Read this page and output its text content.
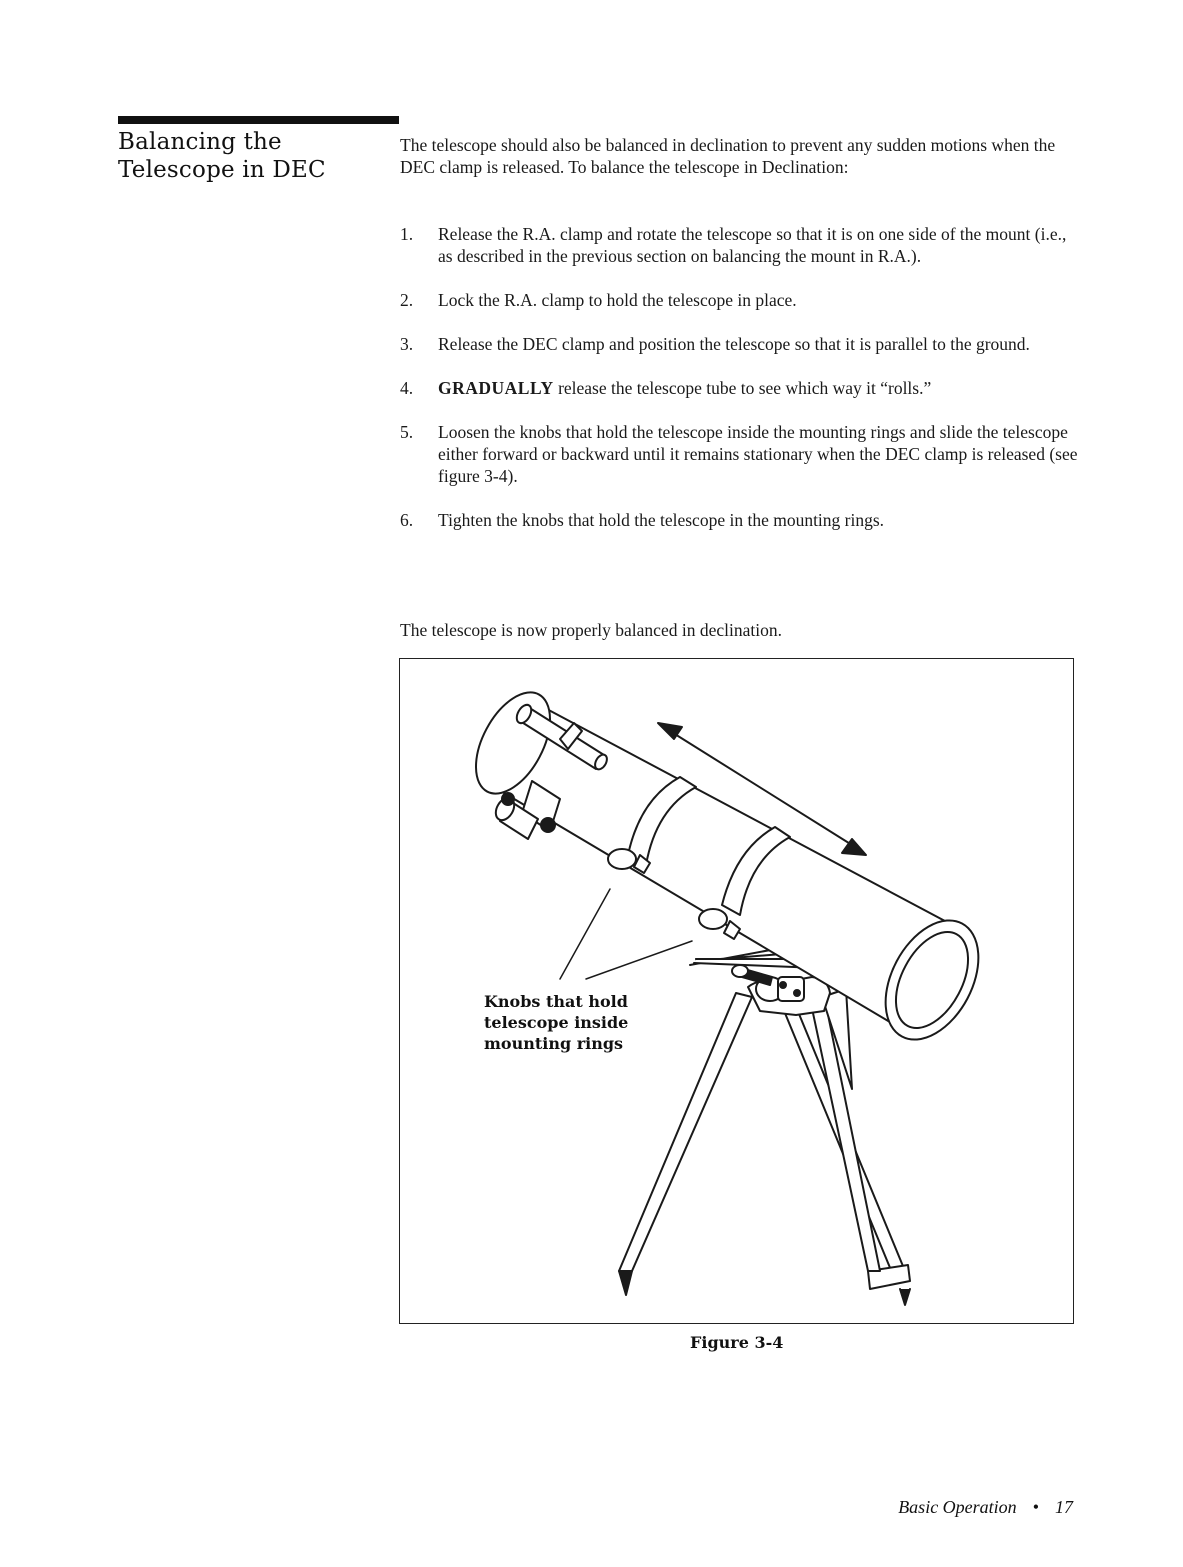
Balancing the Telescope in DEC
The telescope should also be balanced in declination to prevent any sudden motions when the DEC clamp is released. To balance the telescope in Declination:
1. Release the R.A. clamp and rotate the telescope so that it is on one side of the mount (i.e., as described in the previous section on balancing the mount in R.A.).
2. Lock the R.A. clamp to hold the telescope in place.
3. Release the DEC clamp and position the telescope so that it is parallel to the ground.
4. GRADUALLY release the telescope tube to see which way it “rolls.”
5. Loosen the knobs that hold the telescope inside the mounting rings and slide the telescope either forward or backward until it remains stationary when the DEC clamp is released (see figure 3-4).
6. Tighten the knobs that hold the telescope in the mounting rings.
The telescope is now properly balanced in declination.
Knobs that hold telescope inside mounting rings
Figure 3-4
Basic Operation • 17
